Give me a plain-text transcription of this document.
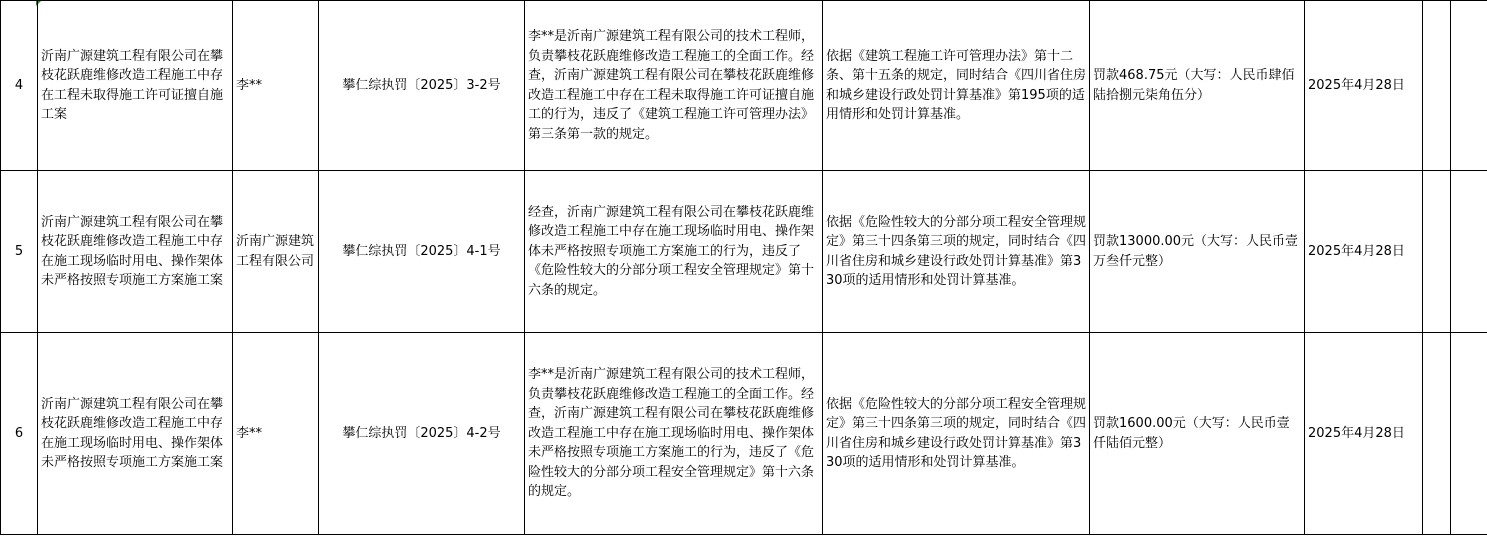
4	沂南广源建筑工程有限公司在攀枝花跃鹿维修改造工程施工中存在工程未取得施工许可证擅自施工案	李**	攀仁综执罚〔2025〕3-2号	李**是沂南广源建筑工程有限公司的技术工程师，负责攀枝花跃鹿维修改造工程施工的全面工作。经查，沂南广源建筑工程有限公司在攀枝花跃鹿维修改造工程施工中存在工程未取得施工许可证擅自施工的行为，违反了《建筑工程施工许可管理办法》第三条第一款的规定。	依据《建筑工程施工许可管理办法》第十二条、第十五条的规定，同时结合《四川省住房和城乡建设行政处罚计算基准》第195项的适用情形和处罚计算基准。	罚款468.75元（大写：人民币肆佰陆拾捌元柒角伍分）	2025年4月28日		
5	沂南广源建筑工程有限公司在攀枝花跃鹿维修改造工程施工中存在施工现场临时用电、操作架体未严格按照专项施工方案施工案	沂南广源建筑工程有限公司	攀仁综执罚〔2025〕4-1号	经查，沂南广源建筑工程有限公司在攀枝花跃鹿维修改造工程施工中存在施工现场临时用电、操作架体未严格按照专项施工方案施工的行为，违反了《危险性较大的分部分项工程安全管理规定》第十六条的规定。	依据《危险性较大的分部分项工程安全管理规定》第三十四条第三项的规定，同时结合《四川省住房和城乡建设行政处罚计算基准》第330项的适用情形和处罚计算基准。	罚款13000.00元（大写：人民币壹万叁仟元整）	2025年4月28日		
6	沂南广源建筑工程有限公司在攀枝花跃鹿维修改造工程施工中存在施工现场临时用电、操作架体未严格按照专项施工方案施工案	李**	攀仁综执罚〔2025〕4-2号	李**是沂南广源建筑工程有限公司的技术工程师，负责攀枝花跃鹿维修改造工程施工的全面工作。经查，沂南广源建筑工程有限公司在攀枝花跃鹿维修改造工程施工中存在施工现场临时用电、操作架体未严格按照专项施工方案施工的行为，违反了《危险性较大的分部分项工程安全管理规定》第十六条的规定。	依据《危险性较大的分部分项工程安全管理规定》第三十四条第三项的规定，同时结合《四川省住房和城乡建设行政处罚计算基准》第330项的适用情形和处罚计算基准。	罚款1600.00元（大写：人民币壹仟陆佰元整）	2025年4月28日		
